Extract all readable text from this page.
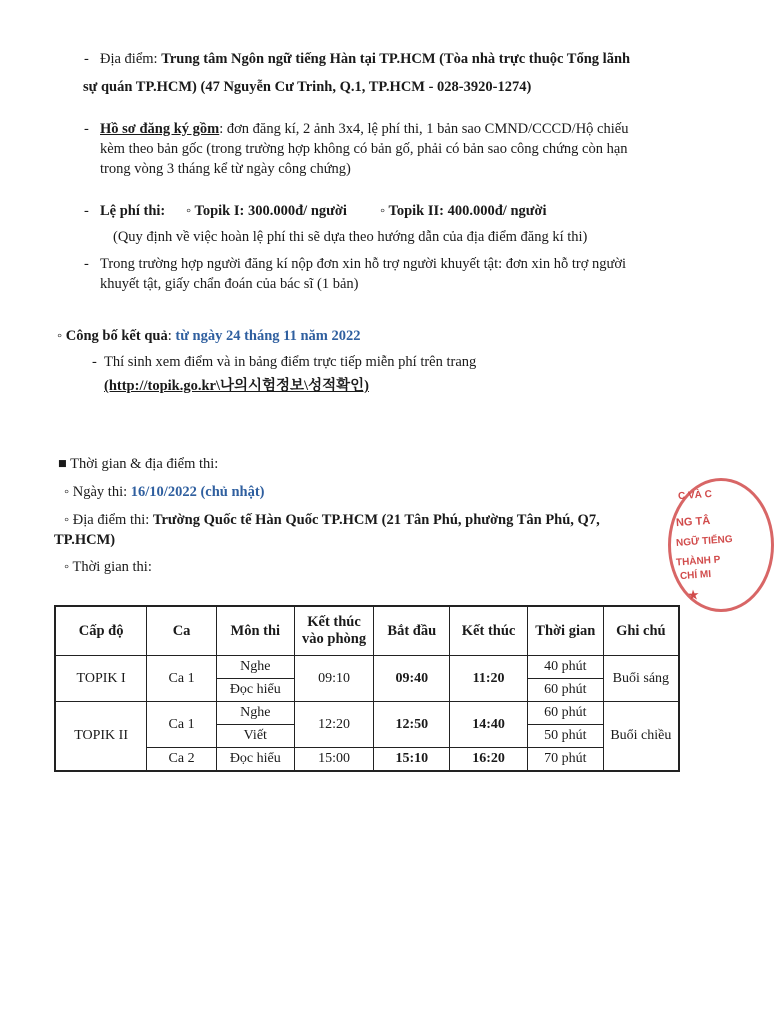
- Địa điểm: Trung tâm Ngôn ngữ tiếng Hàn tại TP.HCM (Tòa nhà trực thuộc Tổng lãnh
sự quán TP.HCM) (47 Nguyễn Cư Trinh, Q.1, TP.HCM - 028-3920-1274)
- Hồ sơ đăng ký gồm: đơn đăng kí, 2 ảnh 3x4, lệ phí thi, 1 bản sao CMND/CCCD/Hộ chiếu
kèm theo bản gốc (trong trường hợp không có bản gố, phải có bản sao công chứng còn hạn
trong vòng 3 tháng kể từ ngày công chứng)
- Lệ phí thi: ◦ Topik I: 300.000đ/ người ◦ Topik II: 400.000đ/ người
(Quy định về việc hoàn lệ phí thi sẽ dựa theo hướng dẫn của địa điểm đăng kí thi)
- Trong trường hợp người đăng kí nộp đơn xin hỗ trợ người khuyết tật: đơn xin hỗ trợ người
khuyết tật, giấy chẩn đoán của bác sĩ (1 bản)
◦ Công bố kết quả: từ ngày 24 tháng 11 năm 2022
- Thí sinh xem điểm và in bảng điểm trực tiếp miễn phí trên trang
(http://topik.go.kr\나의시험정보\성적확인)
■ Thời gian & địa điểm thi:
◦ Ngày thi: 16/10/2022 (chủ nhật)
◦ Địa điểm thi: Trường Quốc tế Hàn Quốc TP.HCM (21 Tân Phú, phường Tân Phú, Q7,
TP.HCM)
◦ Thời gian thi:
C VÀ C
NG TÂ
NGỮ TIẾNG
THÀNH P
CHÍ MI
★
Cấp độ	Ca	Môn thi	Kết thúc
vào phòng	Bắt đầu	Kết thúc	Thời gian	Ghi chú
TOPIK I	Ca 1	Nghe	09:10	09:40	11:20	40 phút	Buổi sáng
		Đọc hiểu				60 phút	
TOPIK II	Ca 1	Nghe	12:20	12:50	14:40	60 phút	Buổi chiều
		Viết				50 phút	
	Ca 2	Đọc hiểu	15:00	15:10	16:20	70 phút	
